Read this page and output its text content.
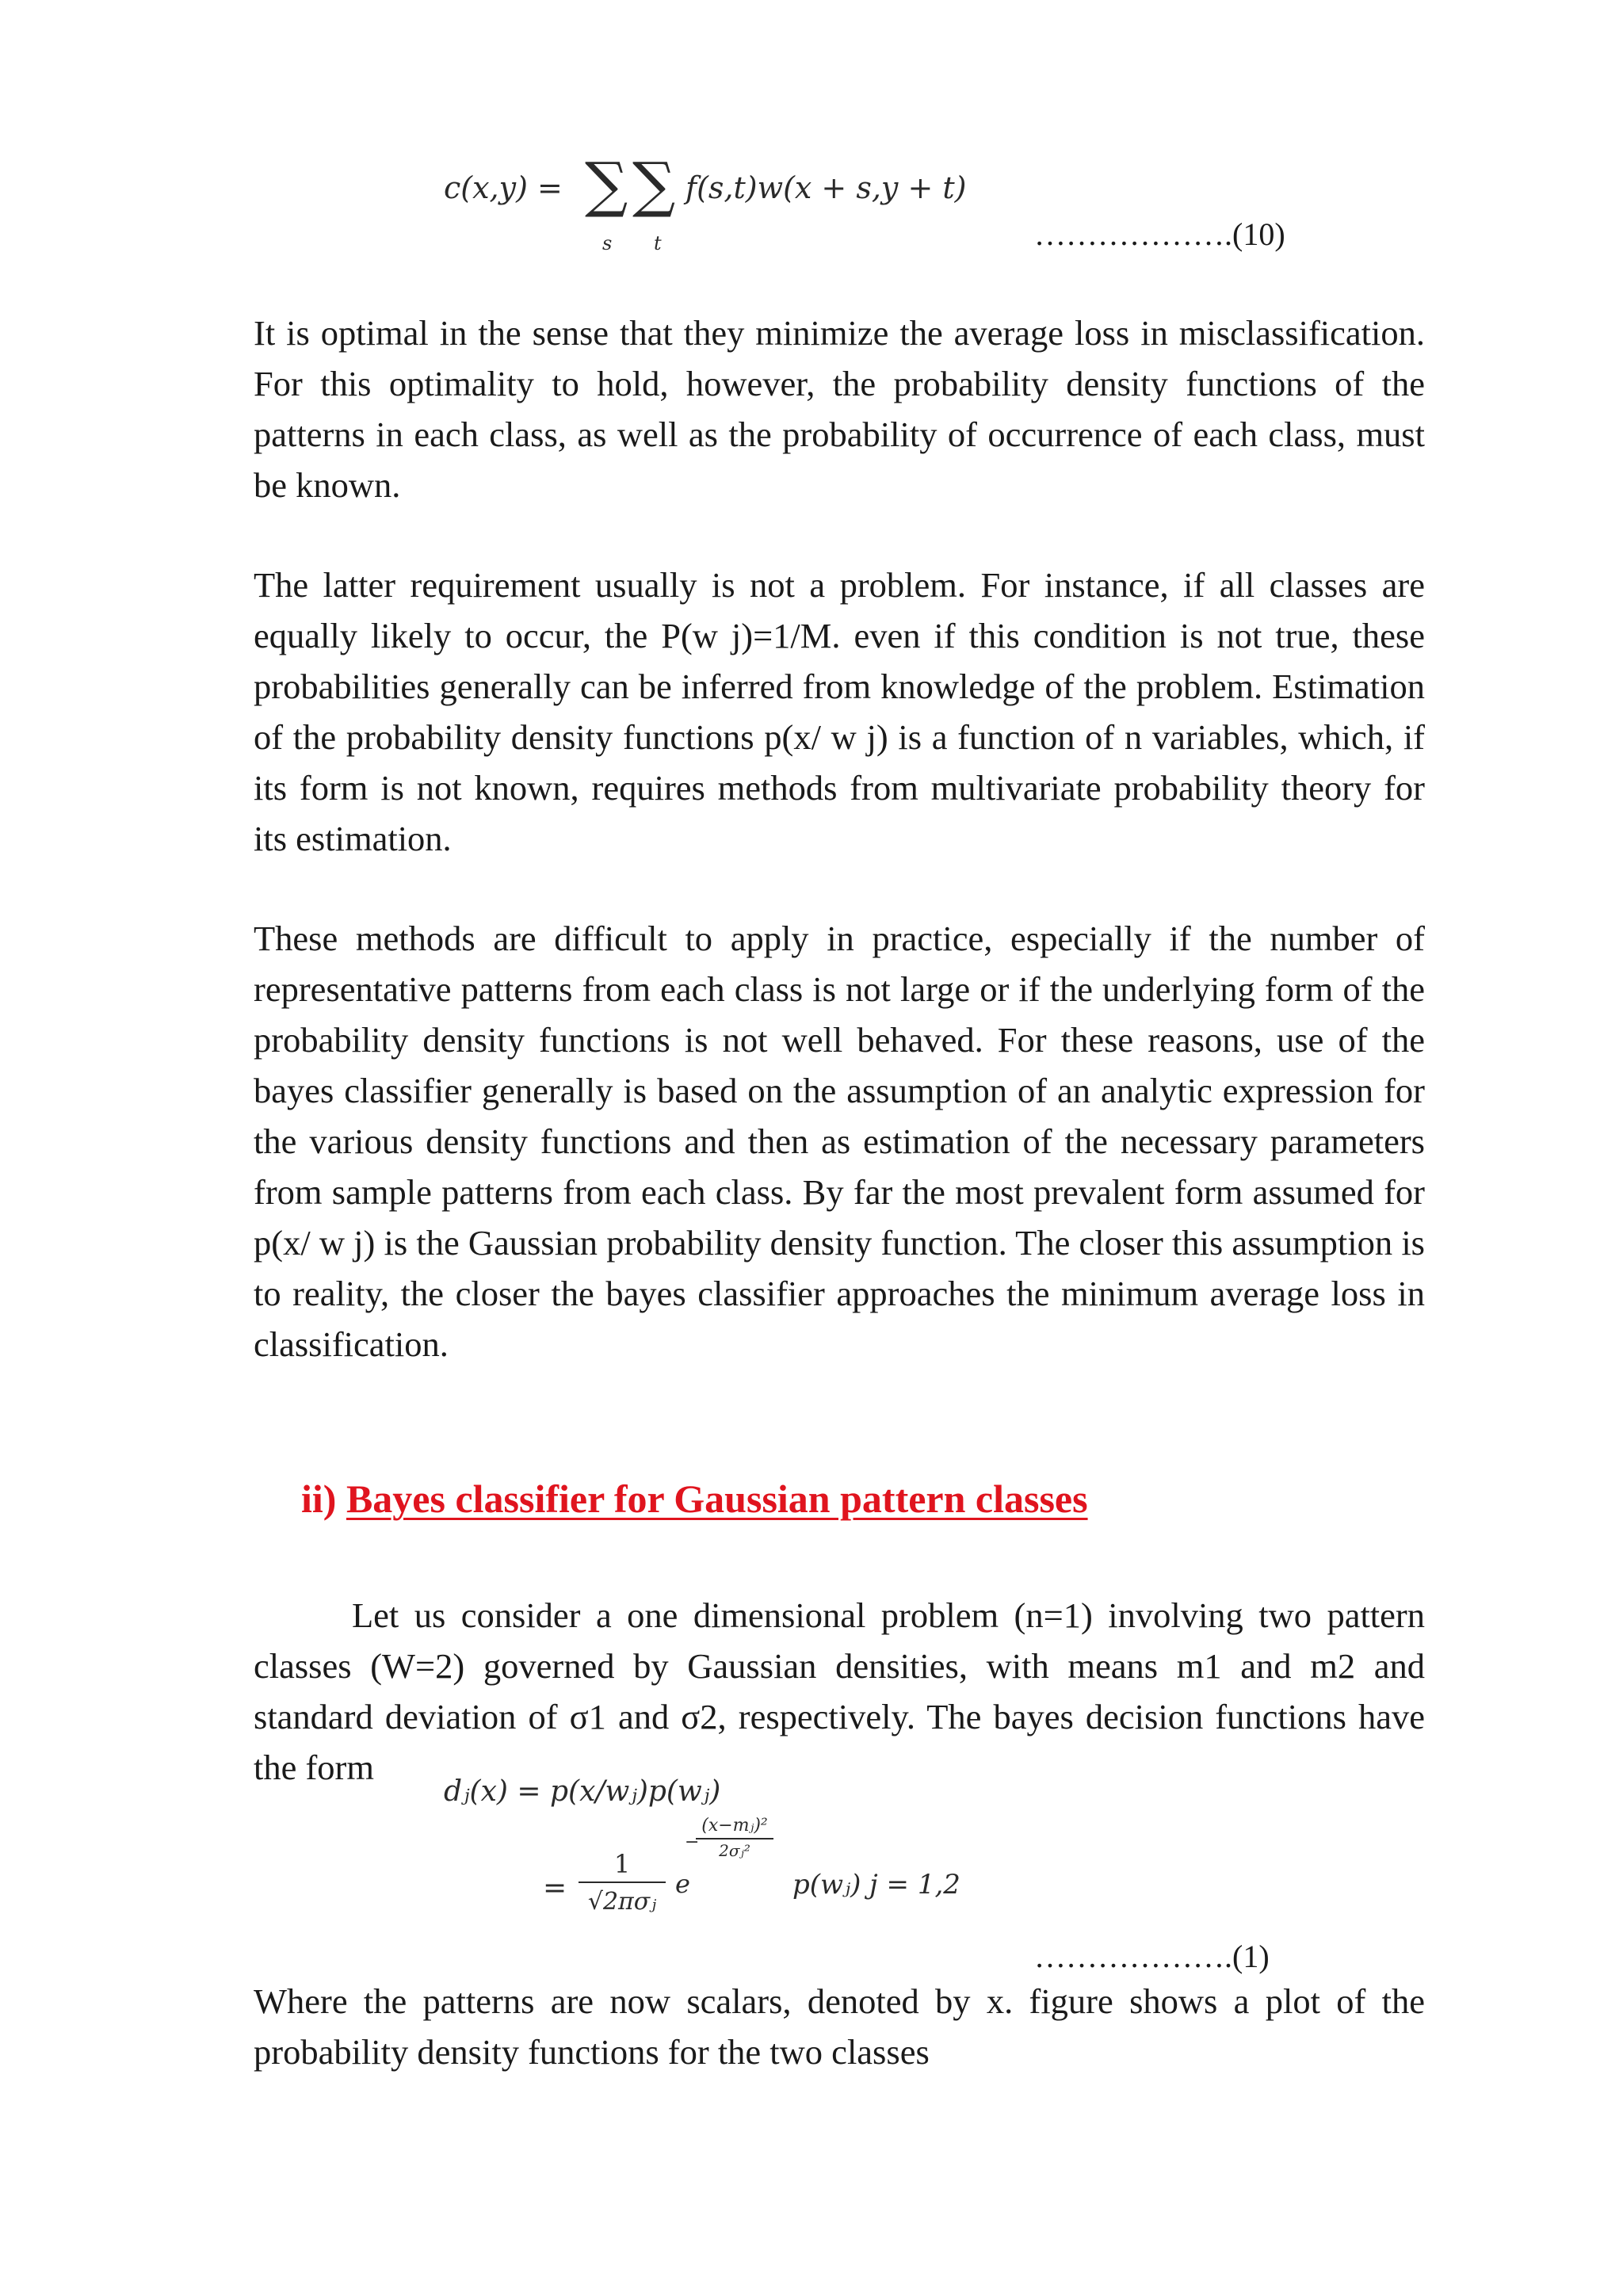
c(x,y) = ∑ ∑
s t
f(s,t)w(x + s,y + t)
……………….(10)

It is optimal in the sense that they minimize the average loss in misclassification. For this optimality to hold, however, the probability density functions of the patterns in each class, as well as the probability of occurrence of each class, must be known.

The latter requirement usually is not a problem. For instance, if all classes are equally likely to occur, the P(w j)=1/M. even if this condition is not true, these probabilities generally can be inferred from knowledge of the problem. Estimation of the probability density functions p(x/ w j) is a function of n variables, which, if its form is not known, requires methods from multivariate probability theory for its estimation.

These methods are difficult to apply in practice, especially if the number of representative patterns from each class is not large or if the underlying form of the probability density functions is not well behaved. For these reasons, use of the bayes classifier generally is based on the assumption of an analytic expression for the various density functions and then as estimation of the necessary parameters from sample patterns from each class. By far the most prevalent form assumed for p(x/ w j) is the Gaussian probability density function. The closer this assumption is to reality, the closer the bayes classifier approaches the minimum average loss in classification.

ii) Bayes classifier for Gaussian pattern classes

Let us consider a one dimensional problem (n=1) involving two pattern classes (W=2) governed by Gaussian densities, with means m1 and m2 and standard deviation of σ1 and σ2, respectively. The bayes decision functions have the form

dⱼ(x) = p(x/wⱼ)p(wⱼ)
=
1
√2πσⱼ
e
−
(x−mⱼ)²
2σⱼ²
p(wⱼ) j = 1,2
……………….(1)

Where the patterns are now scalars, denoted by x. figure shows a plot of the probability density functions for the two classes
